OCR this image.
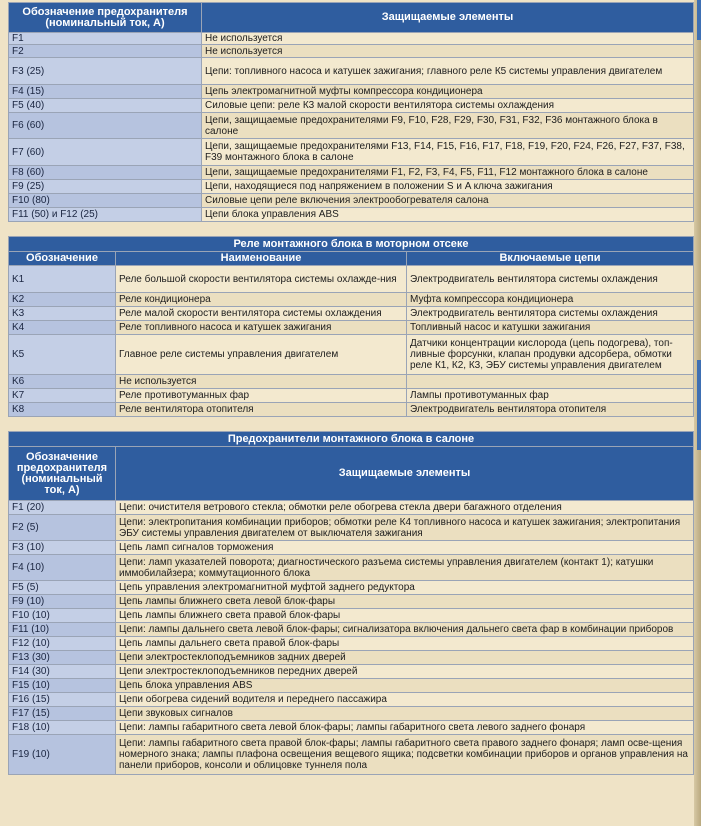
Обозначение предохранителя (номинальный ток, А)	Защищаемые элементы
F1	Не используется
F2	Не используется
F3 (25)	Цепи: топливного насоса и катушек зажигания; главного реле К5 системы управления двигателем
F4 (15)	Цепь электромагнитной муфты компрессора кондиционера
F5 (40)	Силовые цепи: реле К3 малой скорости вентилятора системы охлаждения
F6 (60)	Цепи, защищаемые предохранителями F9, F10, F28, F29, F30, F31, F32, F36 монтажного блока в салоне
F7 (60)	Цепи, защищаемые предохранителями F13, F14, F15, F16, F17, F18, F19, F20, F24, F26, F27, F37, F38, F39 монтажного блока в салоне
F8 (60)	Цепи, защищаемые предохранителями F1, F2, F3, F4, F5, F11, F12 монтажного блока в салоне
F9 (25)	Цепи, находящиеся под напряжением в положении S и A ключа зажигания
F10 (80)	Силовые цепи реле включения электрообогревателя салона
F11 (50) и F12 (25)	Цепи блока управления ABS
Реле монтажного блока в моторном отсеке
Обозначение	Наименование	Включаемые цепи
K1	Реле большой скорости вентилятора системы охлажде-ния	Электродвигатель вентилятора системы охлаждения
K2	Реле кондиционера	Муфта компрессора кондиционера
K3	Реле малой скорости вентилятора системы охлаждения	Электродвигатель вентилятора системы охлаждения
K4	Реле топливного насоса и катушек зажигания	Топливный насос и катушки зажигания
K5	Главное реле системы управления двигателем	Датчики концентрации кислорода (цепь подогрева), топ-ливные форсунки, клапан продувки адсорбера, обмотки реле К1, К2, К3, ЭБУ системы управления двигателем
K6	Не используется	
K7	Реле противотуманных фар	Лампы противотуманных фар
K8	Реле вентилятора отопителя	Электродвигатель вентилятора отопителя
Предохранители монтажного блока в салоне
Обозначение предохранителя (номинальный ток, А)	Защищаемые элементы
F1 (20)	Цепи: очистителя ветрового стекла; обмотки реле обогрева стекла двери багажного отделения
F2 (5)	Цепи: электропитания комбинации приборов; обмотки реле К4 топливного насоса и катушек зажигания; электропитания ЭБУ системы управления двигателем от выключателя зажигания
F3 (10)	Цепь ламп сигналов торможения
F4 (10)	Цепи: ламп указателей поворота; диагностического разъема системы управления двигателем (контакт 1); катушки иммобилайзера; коммутационного блока
F5 (5)	Цепь управления электромагнитной муфтой заднего редуктора
F9 (10)	Цепь лампы ближнего света левой блок-фары
F10 (10)	Цепь лампы ближнего света правой блок-фары
F11 (10)	Цепи: лампы дальнего света левой блок-фары; сигнализатора включения дальнего света фар в комбинации приборов
F12 (10)	Цепь лампы дальнего света правой блок-фары
F13 (30)	Цепи электростеклоподъемников задних дверей
F14 (30)	Цепи электростеклоподъемников передних дверей
F15 (10)	Цепь блока управления ABS
F16 (15)	Цепи обогрева сидений водителя и переднего пассажира
F17 (15)	Цепи звуковых сигналов
F18 (10)	Цепи: лампы габаритного света левой блок-фары; лампы габаритного света левого заднего фонаря
F19 (10)	Цепи: лампы габаритного света правой блок-фары; лампы габаритного света правого заднего фонаря; ламп осве-щения номерного знака; лампы плафона освещения вещевого ящика; подсветки комбинации приборов и органов управления на панели приборов, консоли и облицовке туннеля пола
